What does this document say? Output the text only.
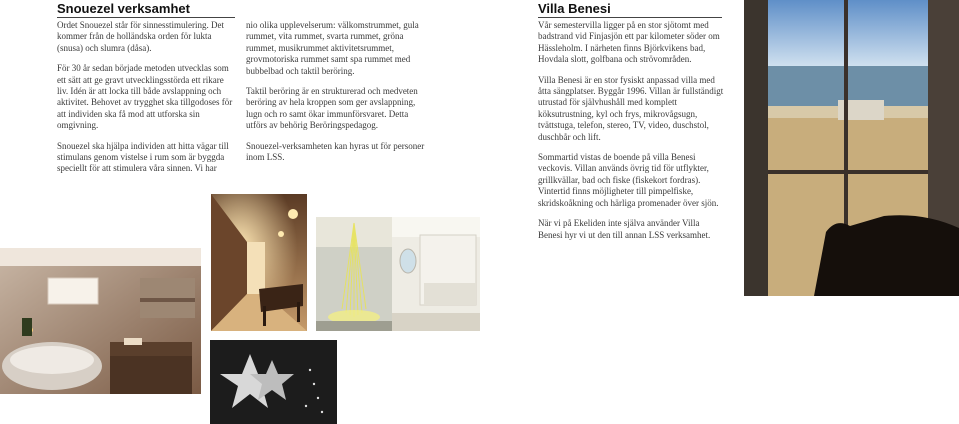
Snouezel verksamhet

Ordet Snouezel står för sinnesstimulering. Det kommer från de holländska orden för lukta (snusa) och slumra (dåsa).

För 30 år sedan började metoden utvecklas som ett sätt att ge gravt utvecklingsstörda ett rikare liv. Idén är att locka till både avslappning och aktivitet. Behovet av trygghet ska tillgodoses för att individen ska få mod att utforska sin omgivning.

Snouezel ska hjälpa individen att hitta vägar till stimulans genom vistelse i rum som är byggda speciellt för att stimulera våra sinnen. Vi har

nio olika upplevelserum: välkomstrummet, gula rummet, vita rummet, svarta rummet, gröna rummet, musikrummet aktivitetsrummet, grovmotoriska rummet samt spa rummet med bubbelbad och taktil beröring.

Taktil beröring är en strukturerad och medveten beröring av hela kroppen som ger avslappning, lugn och ro samt ökar immunförsvaret. Detta utförs av behörig Beröringspedagog.

Snouezel-verksamheten kan hyras ut för personer inom LSS.

Villa Benesi

Vår semestervilla ligger på en stor sjötomt med badstrand vid Finjasjön ett par kilometer söder om Hässleholm. I närheten finns Björkvikens bad, Hovdala slott, golfbana och strövområden.

Villa Benesi är en stor fysiskt anpassad villa med åtta sängplatser. Byggår 1996. Villan är fullständigt utrustad för självhushåll med komplett köksutrustning, kyl och frys, mikrovågsugn, tvättstuga, telefon, stereo, TV, video, duschstol, duschbår och lift.

Sommartid vistas de boende på villa Benesi veckovis. Villan används övrig tid för utflykter, grillkvällar, bad och fiske (fiskekort fordras). Vintertid finns möjligheter till pimpelfiske, skridskoåkning och härliga promenader över sjön.

När vi på Ekeliden inte själva använder Villa Benesi hyr vi ut den till annan LSS verksamhet.
